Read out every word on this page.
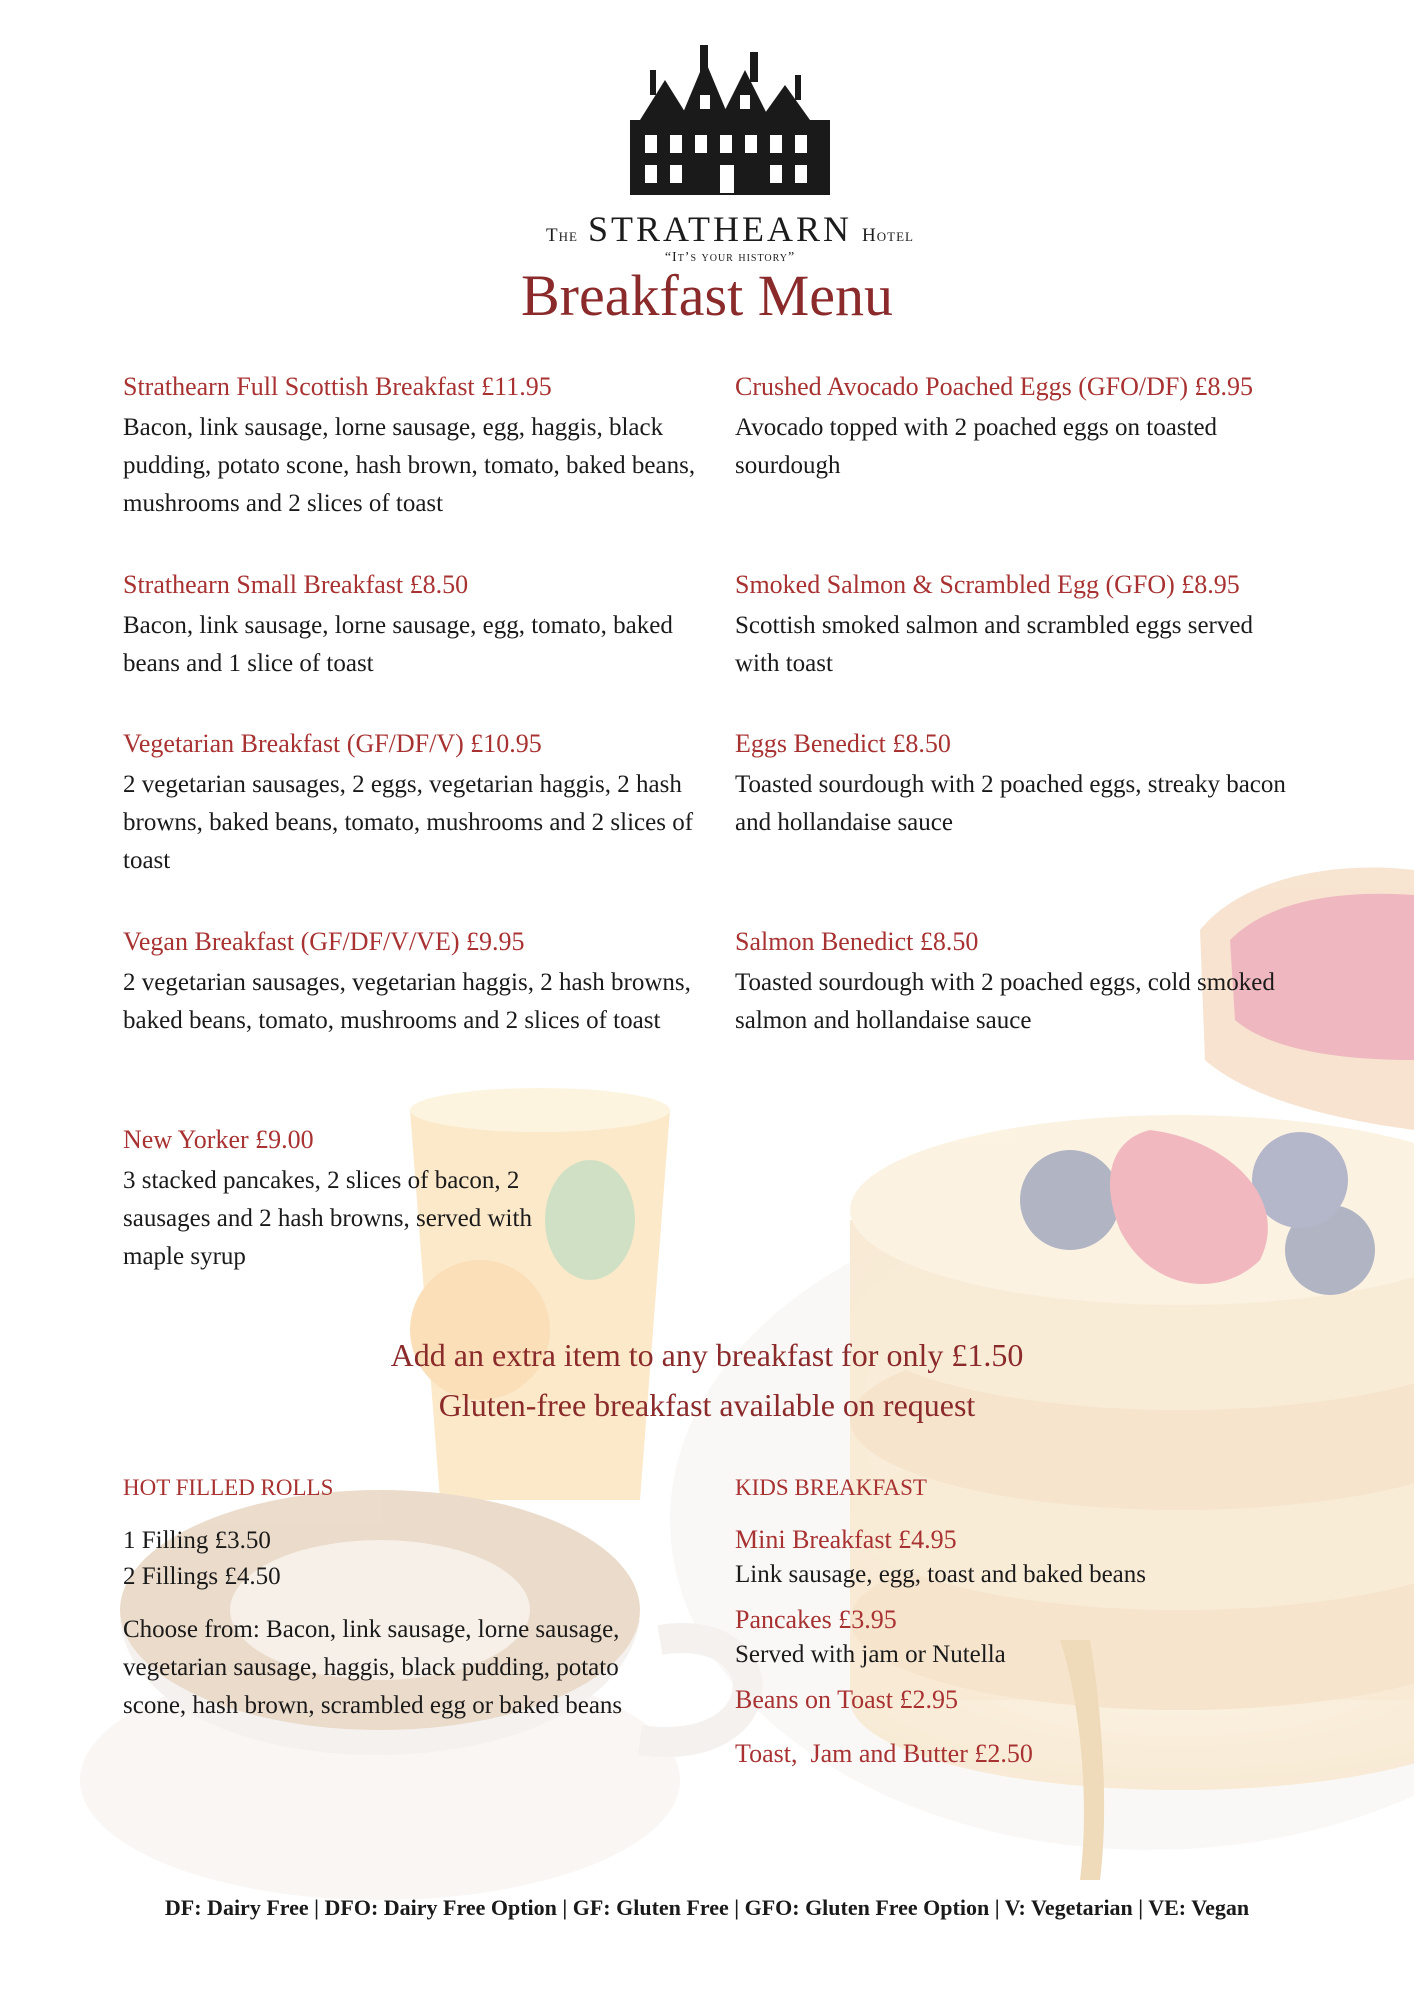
The STRATHEARN Hotel
“It’s your history”
Breakfast Menu
Strathearn Full Scottish Breakfast £11.95
Bacon, link sausage, lorne sausage, egg, haggis, black pudding, potato scone, hash brown, tomato, baked beans, mushrooms and 2 slices of toast
Strathearn Small Breakfast £8.50
Bacon, link sausage, lorne sausage, egg, tomato, baked beans and 1 slice of toast
Vegetarian Breakfast (GF/DF/V) £10.95
2 vegetarian sausages, 2 eggs, vegetarian haggis, 2 hash browns, baked beans, tomato, mushrooms and 2 slices of toast
Vegan Breakfast (GF/DF/V/VE) £9.95
2 vegetarian sausages, vegetarian haggis, 2 hash browns, baked beans, tomato, mushrooms and 2 slices of toast
New Yorker £9.00
3 stacked pancakes, 2 slices of bacon, 2 sausages and 2 hash browns, served with maple syrup
Crushed Avocado Poached Eggs (GFO/DF) £8.95
Avocado topped with 2 poached eggs on toasted sourdough
Smoked Salmon & Scrambled Egg (GFO) £8.95
Scottish smoked salmon and scrambled eggs served with toast
Eggs Benedict £8.50
Toasted sourdough with 2 poached eggs, streaky bacon and hollandaise sauce
Salmon Benedict £8.50
Toasted sourdough with 2 poached eggs, cold smoked salmon and hollandaise sauce
Add an extra item to any breakfast for only £1.50
Gluten-free breakfast available on request
HOT FILLED ROLLS
1 Filling £3.50
2 Fillings £4.50
Choose from: Bacon, link sausage, lorne sausage, vegetarian sausage, haggis, black pudding, potato scone, hash brown, scrambled egg or baked beans
KIDS BREAKFAST
Mini Breakfast £4.95
Link sausage, egg, toast and baked beans
Pancakes £3.95
Served with jam or Nutella
Beans on Toast £2.95
Toast,  Jam and Butter £2.50
DF: Dairy Free | DFO: Dairy Free Option | GF: Gluten Free | GFO: Gluten Free Option | V: Vegetarian | VE: Vegan
